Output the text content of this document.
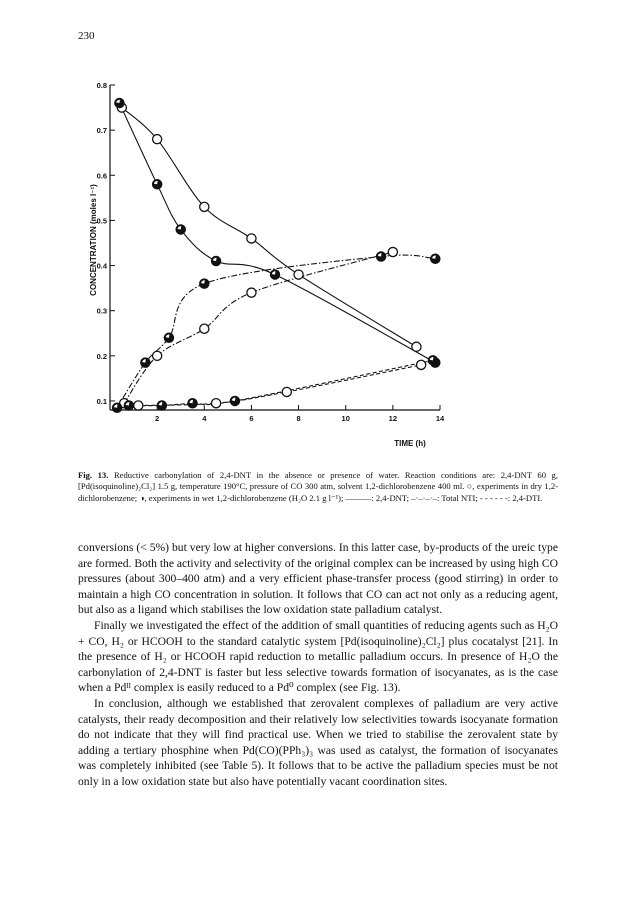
230
2	4	6	8	10	12	14
0.8
0.7
0.6
0.5
0.4
0.3
0.2
0.1
TIME (h)
CONCENTRATION (moles l⁻¹)
Fig. 13. Reductive carbonylation of 2,4-DNT in the absence or presence of water. Reaction conditions are: 2,4-DNT 60 g, [Pd(isoquinoline)₂Cl₂] 1.5 g, temperature 190°C, pressure of CO 300 atm, solvent 1,2-dichlorobenzene 400 ml. ○, experiments in dry 1,2-dichlorobenzene; ◑, experiments in wet 1,2-dichlorobenzene (H₂O 2.1 g l⁻¹); ———: 2,4-DNT; –·–·–·–: Total NTI; - - - - - -: 2,4-DTI.

conversions (< 5%) but very low at higher conversions. In this latter case, by-products of the ureic type are formed. Both the activity and selectivity of the original complex can be increased by using high CO pressures (about 300–400 atm) and a very efficient phase-transfer process (good stirring) in order to maintain a high CO concentration in solution. It follows that CO can act not only as a reducing agent, but also as a ligand which stabilises the low oxidation state palladium catalyst.

Finally we investigated the effect of the addition of small quantities of reducing agents such as H₂O + CO, H₂ or HCOOH to the standard catalytic system [Pd(isoquinoline)₂Cl₂] plus cocatalyst [21]. In the presence of H₂ or HCOOH rapid reduction to metallic palladium occurs. In presence of H₂O the carbonylation of 2,4-DNT is faster but less selective towards formation of isocyanates, as is the case when a Pdᴵᴵ complex is easily reduced to a Pd⁰ complex (see Fig. 13).

In conclusion, although we established that zerovalent complexes of palladium are very active catalysts, their ready decomposition and their relatively low selectivities towards isocyanate formation do not indicate that they will find practical use. When we tried to stabilise the zerovalent state by adding a tertiary phosphine when Pd(CO)(PPh₃)₃ was used as catalyst, the formation of isocyanates was completely inhibited (see Table 5). It follows that to be active the palladium species must be not only in a low oxidation state but also have potentially vacant coordination sites.
